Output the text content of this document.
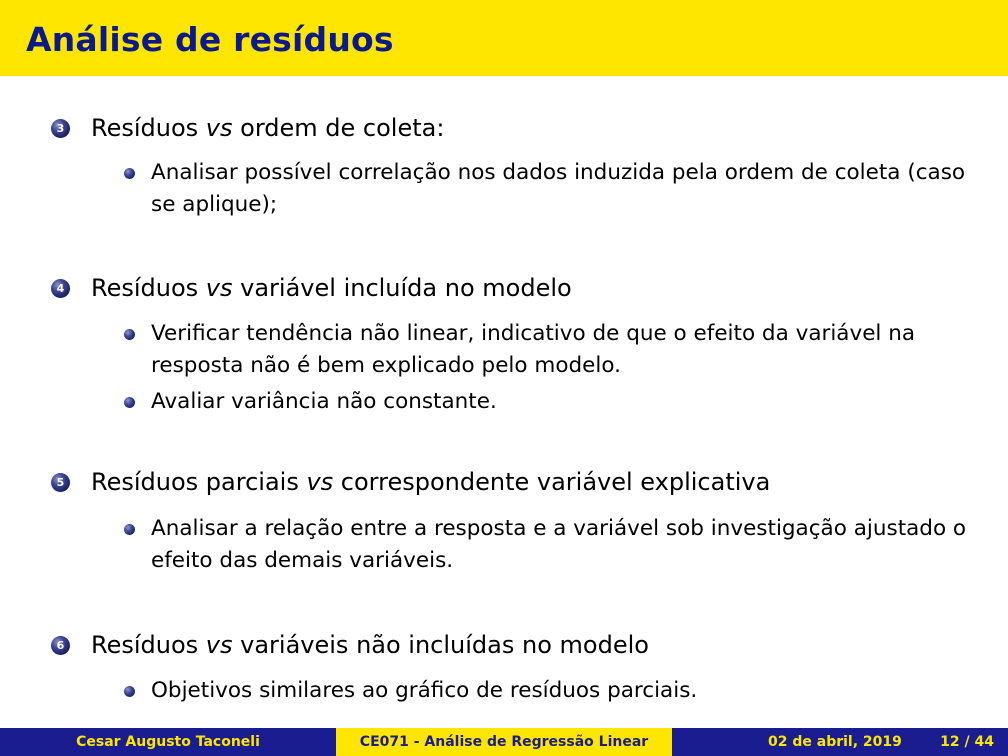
Análise de resíduos
3 Resíduos vs ordem de coleta:
Analisar possível correlação nos dados induzida pela ordem de coleta (caso se aplique);
4 Resíduos vs variável incluída no modelo
Verificar tendência não linear, indicativo de que o efeito da variável na resposta não é bem explicado pelo modelo.
Avaliar variância não constante.
5 Resíduos parciais vs correspondente variável explicativa
Analisar a relação entre a resposta e a variável sob investigação ajustado o efeito das demais variáveis.
6 Resíduos vs variáveis não incluídas no modelo
Objetivos similares ao gráfico de resíduos parciais.
Cesar Augusto Taconeli	CE071 - Análise de Regressão Linear	02 de abril, 2019	12 / 44
